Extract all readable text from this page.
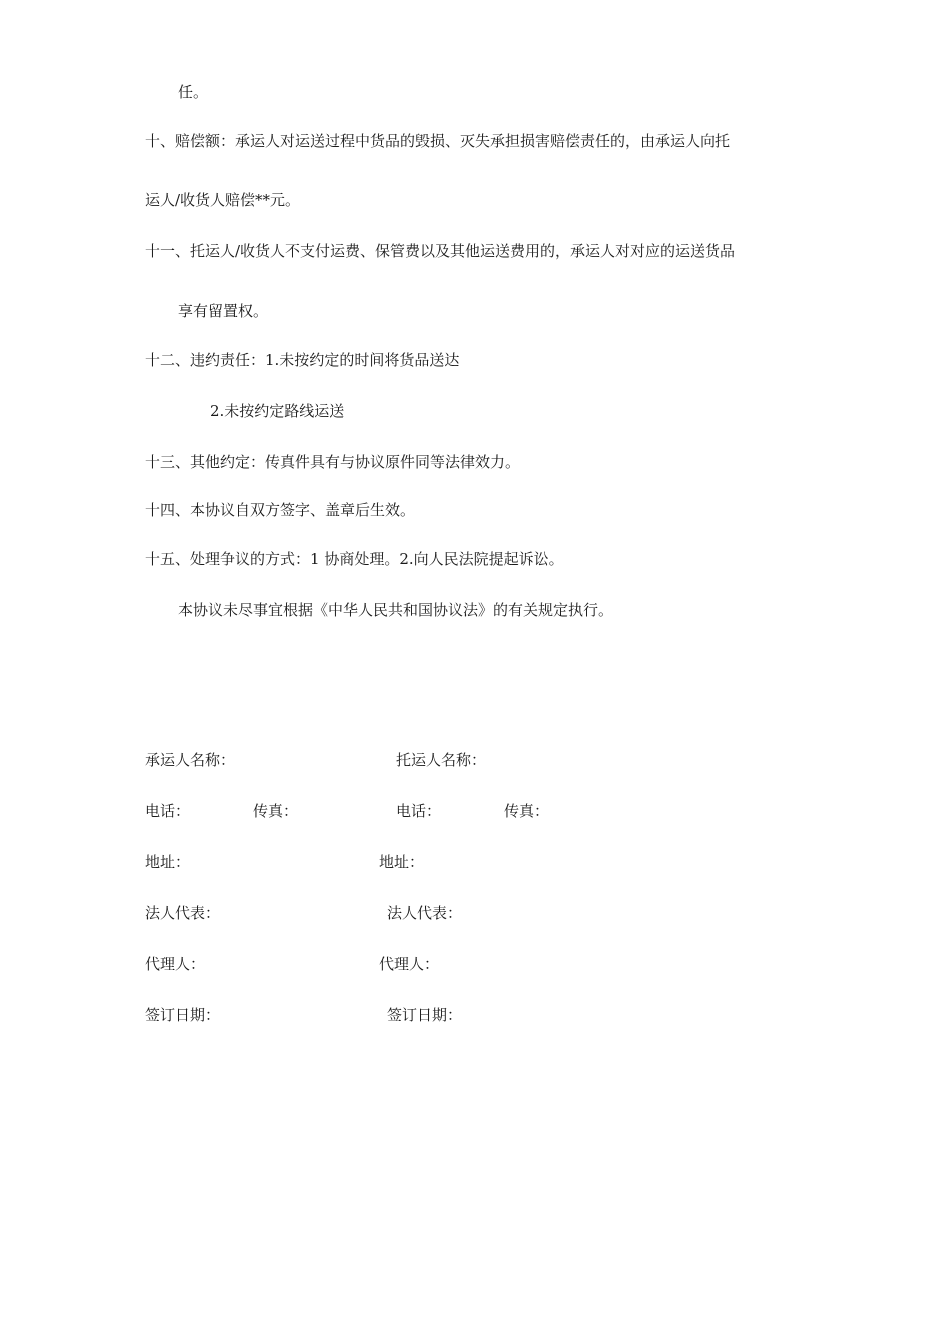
任。
十、赔偿额：承运人对运送过程中货品的毁损、灭失承担损害赔偿责任的，由承运人向托
运人/收货人赔偿**元。
十一、托运人/收货人不支付运费、保管费以及其他运送费用的，承运人对对应的运送货品
享有留置权。
十二、违约责任：1.未按约定的时间将货品送达
2.未按约定路线运送
十三、其他约定：传真件具有与协议原件同等法律效力。
十四、本协议自双方签字、盖章后生效。
十五、处理争议的方式：1 协商处理。2.向人民法院提起诉讼。
本协议未尽事宜根据《中华人民共和国协议法》的有关规定执行。
承运人名称：
电话：	传真：
地址：
法人代表：
代理人：
签订日期：
托运人名称：
电话：	传真：
地址：
法人代表：
代理人：
签订日期：
